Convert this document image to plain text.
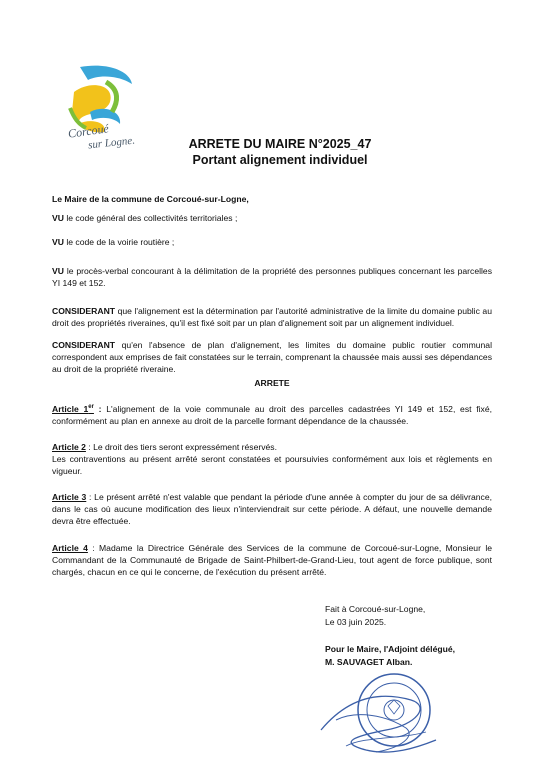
Corcoué
sur Logne.	ARRETE DU MAIRE N°2025_47
Portant alignement individuel
Le Maire de la commune de Corcoué-sur-Logne,
VU le code général des collectivités territoriales ;
VU le code de la voirie routière ;
VU le procès-verbal concourant à la délimitation de la propriété des personnes publiques concernant les parcelles YI 149 et 152.
CONSIDERANT que l'alignement est la détermination par l'autorité administrative de la limite du domaine public au droit des propriétés riveraines, qu'il est fixé soit par un plan d'alignement soit par un alignement individuel.
CONSIDERANT qu'en l'absence de plan d'alignement, les limites du domaine public routier communal correspondent aux emprises de fait constatées sur le terrain, comprenant la chaussée mais aussi ses dépendances au droit de la propriété riveraine.
ARRETE
Article 1er : L'alignement de la voie communale au droit des parcelles cadastrées YI 149 et 152, est fixé, conformément au plan en annexe au droit de la parcelle formant dépendance de la chaussée.
Article 2 : Le droit des tiers seront expressément réservés.
Les contraventions au présent arrêté seront constatées et poursuivies conformément aux lois et règlements en vigueur.
Article 3 : Le présent arrêté n'est valable que pendant la période d'une année à compter du jour de sa délivrance, dans le cas où aucune modification des lieux n'interviendrait sur cette période. A défaut, une nouvelle demande devra être effectuée.
Article 4 : Madame la Directrice Générale des Services de la commune de Corcoué-sur-Logne, Monsieur le Commandant de la Communauté de Brigade de Saint-Philbert-de-Grand-Lieu, tout agent de force publique, sont chargés, chacun en ce qui le concerne, de l'exécution du présent arrêté.
Fait à Corcoué-sur-Logne,
Le 03 juin 2025.
Pour le Maire, l'Adjoint délégué,
M. SAUVAGET Alban.
